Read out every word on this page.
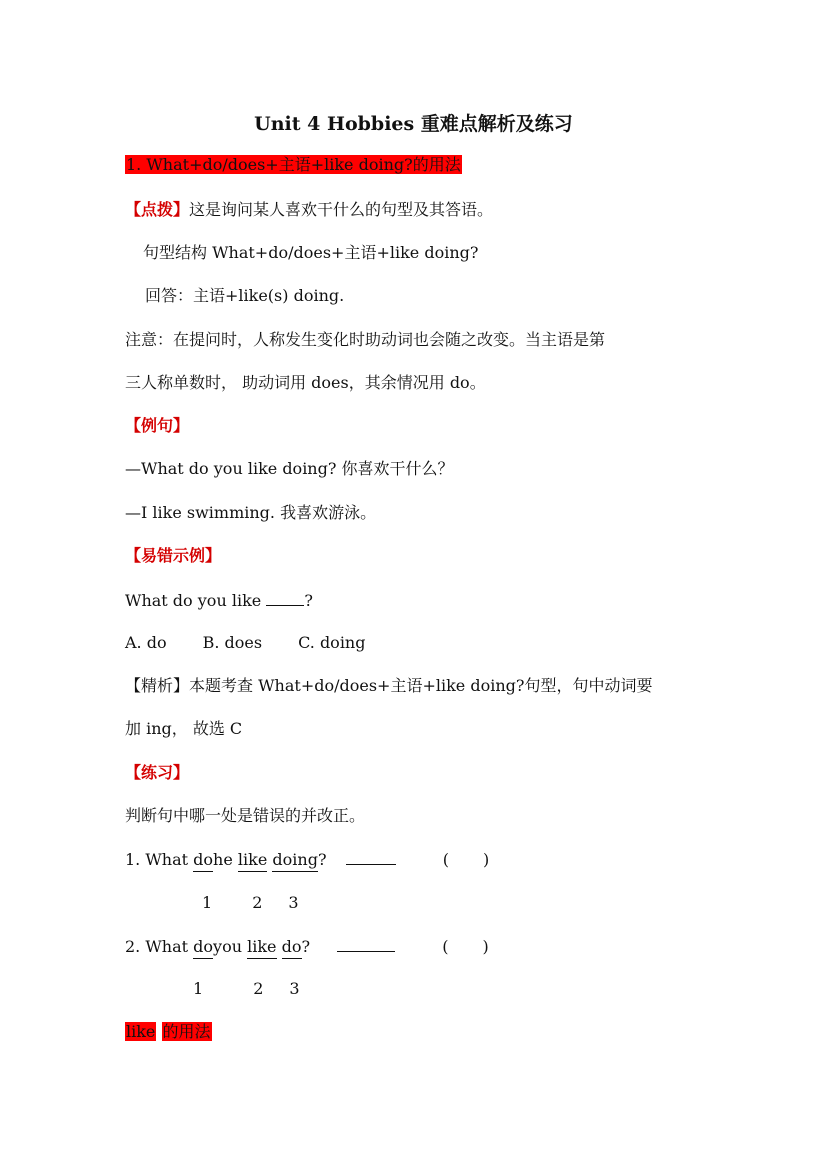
Unit 4 Hobbies 重难点解析及练习
1. What+do/does+主语+like doing?的用法
【点拨】这是询问某人喜欢干什么的句型及其答语。
句型结构 What+do/does+主语+like doing?
回答：主语+like(s) doing.
注意：在提问时，人称发生变化时助动词也会随之改变。当主语是第
三人称单数时， 助动词用 does，其余情况用 do。
【例句】
—What do you like doing? 你喜欢干什么？
—I like swimming. 我喜欢游泳。
【易错示例】
What do you like	?
A. do B. does C. doing
【精析】本题考查 What+do/does+主语+like doing?句型，句中动词要
加 ing， 故选 C
【练习】
判断句中哪一处是错误的并改正。
1. What dohe like doing?	( )
1	2 3
2. What doyou like do?	( )
1	2 3
like 的用法
